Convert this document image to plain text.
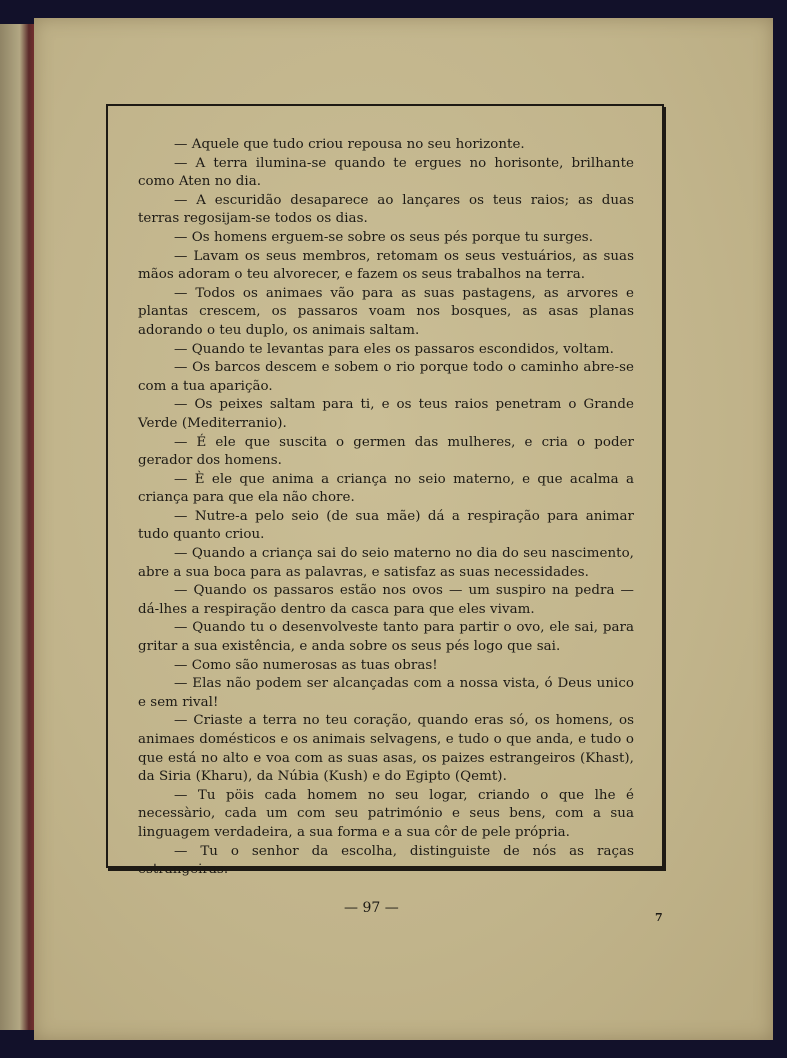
— Aquele que tudo criou repousa no seu horizonte.

— A terra ilumina-se quando te ergues no horisonte, brilhante como Aten no dia.

— A escuridão desaparece ao lançares os teus raios; as duas terras regosijam-se todos os dias.

— Os homens erguem-se sobre os seus pés porque tu surges.

— Lavam os seus membros, retomam os seus vestuários, as suas mãos adoram o teu alvorecer, e fazem os seus trabalhos na terra.

— Todos os animaes vão para as suas pastagens, as arvores e plantas crescem, os passaros voam nos bosques, as asas planas adorando o teu duplo, os animais saltam.

— Quando te levantas para eles os passaros escondidos, voltam.

— Os barcos descem e sobem o rio porque todo o caminho abre-se com a tua aparição.

— Os peixes saltam para ti, e os teus raios penetram o Grande Verde (Mediterranio).

— É ele que suscita o germen das mulheres, e cria o poder gerador dos homens.

— È ele que anima a criança no seio materno, e que acalma a criança para que ela não chore.

— Nutre-a pelo seio (de sua mãe) dá a respiração para animar tudo quanto criou.

— Quando a criança sai do seio materno no dia do seu nascimento, abre a sua boca para as palavras, e satisfaz as suas necessidades.

— Quando os passaros estão nos ovos — um suspiro na pedra — dá-lhes a respiração dentro da casca para que eles vivam.

— Quando tu o desenvolveste tanto para partir o ovo, ele sai, para gritar a sua existência, e anda sobre os seus pés logo que sai.

— Como são numerosas as tuas obras!

— Elas não podem ser alcançadas com a nossa vista, ó Deus unico e sem rival!

— Criaste a terra no teu coração, quando eras só, os homens, os animaes domésticos e os animais selvagens, e tudo o que anda, e tudo o que está no alto e voa com as suas asas, os paizes estrangeiros (Khast), da Siria (Kharu), da Núbia (Kush) e do Egipto (Qemt).

— Tu pöis cada homem no seu logar, criando o que lhe é necessàrio, cada um com seu património e seus bens, com a sua linguagem verdadeira, a sua forma e a sua côr de pele própria.

— Tu o senhor da escolha, distinguiste de nós as raças estrangeiras.

— 97 —
7
